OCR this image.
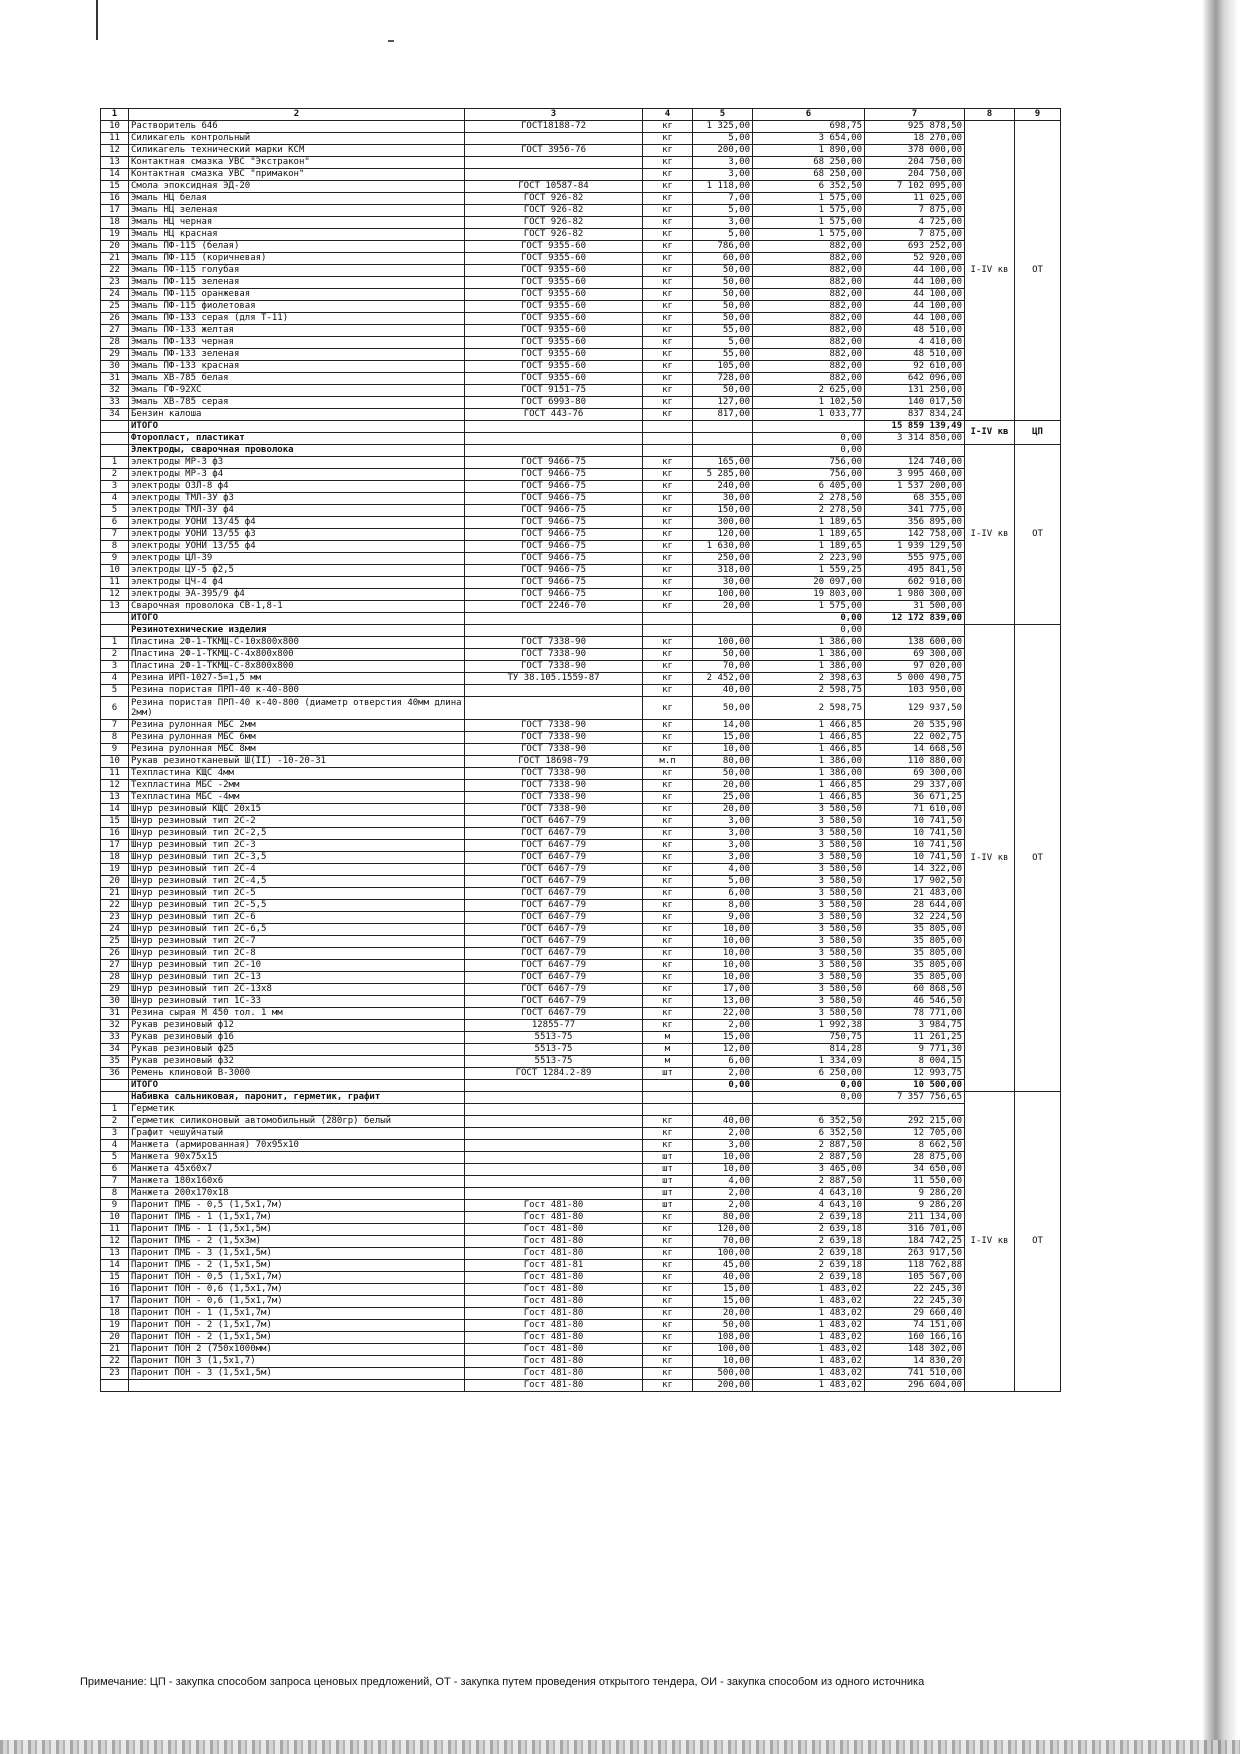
1	2	3	4	5	6	7	8	9
10	Растворитель 646	ГОСТ18188-72	кг	1 325,00	698,75	925 878,50	I-IV кв	ОТ
11	Силикагель контрольный		кг	5,00	3 654,00	18 270,00		
12	Силикагель технический марки КСМ	ГОСТ 3956-76	кг	200,00	1 890,00	378 000,00		
13	Контактная смазка УВС "Экстракон"		кг	3,00	68 250,00	204 750,00		
14	Контактная смазка УВС "примакон"		кг	3,00	68 250,00	204 750,00		
15	Смола эпоксидная ЭД-20	ГОСТ 10587-84	кг	1 118,00	6 352,50	7 102 095,00		
16	Эмаль НЦ белая	ГОСТ 926-82	кг	7,00	1 575,00	11 025,00		
17	Эмаль НЦ зеленая	ГОСТ 926-82	кг	5,00	1 575,00	7 875,00		
18	Эмаль НЦ черная	ГОСТ 926-82	кг	3,00	1 575,00	4 725,00		
19	Эмаль НЦ красная	ГОСТ 926-82	кг	5,00	1 575,00	7 875,00		
20	Эмаль ПФ-115 (белая)	ГОСТ 9355-60	кг	786,00	882,00	693 252,00		
21	Эмаль ПФ-115 (коричневая)	ГОСТ 9355-60	кг	60,00	882,00	52 920,00		
22	Эмаль ПФ-115 голубая	ГОСТ 9355-60	кг	50,00	882,00	44 100,00		
23	Эмаль ПФ-115 зеленая	ГОСТ 9355-60	кг	50,00	882,00	44 100,00		
24	Эмаль ПФ-115 оранжевая	ГОСТ 9355-60	кг	50,00	882,00	44 100,00		
25	Эмаль ПФ-115 фиолетовая	ГОСТ 9355-60	кг	50,00	882,00	44 100,00		
26	Эмаль ПФ-133 серая (для Т-11)	ГОСТ 9355-60	кг	50,00	882,00	44 100,00		
27	Эмаль ПФ-133 желтая	ГОСТ 9355-60	кг	55,00	882,00	48 510,00		
28	Эмаль ПФ-133 черная	ГОСТ 9355-60	кг	5,00	882,00	4 410,00		
29	Эмаль ПФ-133 зеленая	ГОСТ 9355-60	кг	55,00	882,00	48 510,00		
30	Эмаль ПФ-133 красная	ГОСТ 9355-60	кг	105,00	882,00	92 610,00		
31	Эмаль ХВ-785 белая	ГОСТ 9355-60	кг	728,00	882,00	642 096,00		
32	Эмаль ГФ-92ХС	ГОСТ 9151-75	кг	50,00	2 625,00	131 250,00		
33	Эмаль ХВ-785 серая	ГОСТ 6993-80	кг	127,00	1 102,50	140 017,50		
34	Бензин калоша	ГОСТ 443-76	кг	817,00	1 033,77	837 834,24		
	ИТОГО					15 859 139,49	I-IV кв	ЦП
	Фторопласт, пластикат				0,00	3 314 850,00		
	Электроды, сварочная проволока				0,00		I-IV кв	ОТ
1	электроды МР-3 ф3	ГОСТ 9466-75	кг	165,00	756,00	124 740,00		
2	электроды МР-3 ф4	ГОСТ 9466-75	кг	5 285,00	756,00	3 995 460,00		
3	электроды ОЗЛ-8 ф4	ГОСТ 9466-75	кг	240,00	6 405,00	1 537 200,00		
4	электроды ТМЛ-3У ф3	ГОСТ 9466-75	кг	30,00	2 278,50	68 355,00		
5	электроды ТМЛ-3У ф4	ГОСТ 9466-75	кг	150,00	2 278,50	341 775,00		
6	электроды УОНИ 13/45 ф4	ГОСТ 9466-75	кг	300,00	1 189,65	356 895,00		
7	электроды УОНИ 13/55 ф3	ГОСТ 9466-75	кг	120,00	1 189,65	142 758,00		
8	электроды УОНИ 13/55 ф4	ГОСТ 9466-75	кг	1 630,00	1 189,65	1 939 129,50		
9	электроды ЦЛ-39	ГОСТ 9466-75	кг	250,00	2 223,90	555 975,00		
10	электроды ЦУ-5 ф2,5	ГОСТ 9466-75	кг	318,00	1 559,25	495 841,50		
11	электроды ЦЧ-4 ф4	ГОСТ 9466-75	кг	30,00	20 097,00	602 910,00		
12	электроды ЭА-395/9 ф4	ГОСТ 9466-75	кг	100,00	19 803,00	1 980 300,00		
13	Сварочная проволока СВ-1,8-1	ГОСТ 2246-70	кг	20,00	1 575,00	31 500,00		
	ИТОГО				0,00	12 172 839,00		
	Резинотехнические изделия				0,00		I-IV кв	ОТ
1	Пластина 2Ф-1-ТКМЩ-С-10х800х800	ГОСТ 7338-90	кг	100,00	1 386,00	138 600,00		
2	Пластина 2Ф-1-ТКМЩ-С-4х800х800	ГОСТ 7338-90	кг	50,00	1 386,00	69 300,00		
3	Пластина 2Ф-1-ТКМЩ-С-8х800х800	ГОСТ 7338-90	кг	70,00	1 386,00	97 020,00		
4	Резина ИРП-1027-5=1,5 мм	ТУ 38.105.1559-87	кг	2 452,00	2 398,63	5 000 490,75		
5	Резина пористая ПРП-40 к-40-800		кг	40,00	2 598,75	103 950,00		
6	Резина пористая ПРП-40 к-40-800 (диаметр отверстия 40мм длина 2мм)		кг	50,00	2 598,75	129 937,50		
7	Резина рулонная МБС 2мм	ГОСТ 7338-90	кг	14,00	1 466,85	20 535,90		
8	Резина рулонная МБС 6мм	ГОСТ 7338-90	кг	15,00	1 466,85	22 002,75		
9	Резина рулонная МБС 8мм	ГОСТ 7338-90	кг	10,00	1 466,85	14 668,50		
10	Рукав резинотканевый Ш(II) -10-20-31	ГОСТ 18698-79	м.п	80,00	1 386,00	110 880,00		
11	Техпластина КЩС 4мм	ГОСТ 7338-90	кг	50,00	1 386,00	69 300,00		
12	Техпластина МБС -2мм	ГОСТ 7338-90	кг	20,00	1 466,85	29 337,00		
13	Техпластина МБС -4мм	ГОСТ 7338-90	кг	25,00	1 466,85	36 671,25		
14	Шнур резиновый КЩС 20х15	ГОСТ 7338-90	кг	20,00	3 580,50	71 610,00		
15	Шнур резиновый тип 2С-2	ГОСТ 6467-79	кг	3,00	3 580,50	10 741,50		
16	Шнур резиновый тип 2С-2,5	ГОСТ 6467-79	кг	3,00	3 580,50	10 741,50		
17	Шнур резиновый тип 2С-3	ГОСТ 6467-79	кг	3,00	3 580,50	10 741,50		
18	Шнур резиновый тип 2С-3,5	ГОСТ 6467-79	кг	3,00	3 580,50	10 741,50		
19	Шнур резиновый тип 2С-4	ГОСТ 6467-79	кг	4,00	3 580,50	14 322,00		
20	Шнур резиновый тип 2С-4,5	ГОСТ 6467-79	кг	5,00	3 580,50	17 902,50		
21	Шнур резиновый тип 2С-5	ГОСТ 6467-79	кг	6,00	3 580,50	21 483,00		
22	Шнур резиновый тип 2С-5,5	ГОСТ 6467-79	кг	8,00	3 580,50	28 644,00		
23	Шнур резиновый тип 2С-6	ГОСТ 6467-79	кг	9,00	3 580,50	32 224,50		
24	Шнур резиновый тип 2С-6,5	ГОСТ 6467-79	кг	10,00	3 580,50	35 805,00		
25	Шнур резиновый тип 2С-7	ГОСТ 6467-79	кг	10,00	3 580,50	35 805,00		
26	Шнур резиновый тип 2С-8	ГОСТ 6467-79	кг	10,00	3 580,50	35 805,00		
27	Шнур резиновый тип 2С-10	ГОСТ 6467-79	кг	10,00	3 580,50	35 805,00		
28	Шнур резиновый тип 2С-13	ГОСТ 6467-79	кг	10,00	3 580,50	35 805,00		
29	Шнур резиновый тип 2С-13х8	ГОСТ 6467-79	кг	17,00	3 580,50	60 868,50		
30	Шнур резиновый тип 1С-33	ГОСТ 6467-79	кг	13,00	3 580,50	46 546,50		
31	Резина сырая М 450 тол. 1 мм	ГОСТ 6467-79	кг	22,00	3 580,50	78 771,00		
32	Рукав резиновый ф12	12855-77	кг	2,00	1 992,38	3 984,75		
33	Рукав резиновый ф16	5513-75	м	15,00	750,75	11 261,25		
34	Рукав резиновый ф25	5513-75	м	12,00	814,28	9 771,30		
35	Рукав резиновый ф32	5513-75	м	6,00	1 334,09	8 004,15		
36	Ремень клиновой В-3000	ГОСТ 1284.2-89	шт	2,00	6 250,00	12 993,75		
	ИТОГО			0,00	0,00	10 500,00		
	Набивка сальниковая, паронит, герметик, графит				0,00	7 357 756,65	I-IV кв	ОТ
1	Герметик							
2	Герметик силиконовый автомобильный (280гр) белый		кг	40,00	6 352,50	292 215,00		
3	Графит чешуйчатый		кг	2,00	6 352,50	12 705,00		
4	Манжета (армированная) 70х95х10		кг	3,00	2 887,50	8 662,50		
5	Манжета 90х75х15		шт	10,00	2 887,50	28 875,00		
6	Манжета 45х60х7		шт	10,00	3 465,00	34 650,00		
7	Манжета 180х160х6		шт	4,00	2 887,50	11 550,00		
8	Манжета 200х170х18		шт	2,00	4 643,10	9 286,20		
9	Паронит ПМБ - 0,5 (1,5х1,7м)	Гост 481-80	шт	2,00	4 643,10	9 286,20		
10	Паронит ПМБ - 1 (1,5х1,7м)	Гост 481-80	кг	80,00	2 639,18	211 134,00		
11	Паронит ПМБ - 1 (1,5х1,5м)	Гост 481-80	кг	120,00	2 639,18	316 701,00		
12	Паронит ПМБ - 2 (1,5х3м)	Гост 481-80	кг	70,00	2 639,18	184 742,25		
13	Паронит ПМБ - 3 (1,5х1,5м)	Гост 481-80	кг	100,00	2 639,18	263 917,50		
14	Паронит ПМБ - 2 (1,5х1,5м)	Гост 481-81	кг	45,00	2 639,18	118 762,88		
15	Паронит ПОН - 0,5 (1,5х1,7м)	Гост 481-80	кг	40,00	2 639,18	105 567,00		
16	Паронит ПОН - 0,6 (1,5х1,7м)	Гост 481-80	кг	15,00	1 483,02	22 245,30		
17	Паронит ПОН - 0,6 (1,5х1,7м)	Гост 481-80	кг	15,00	1 483,02	22 245,30		
18	Паронит ПОН - 1 (1,5х1,7м)	Гост 481-80	кг	20,00	1 483,02	29 660,40		
19	Паронит ПОН - 2 (1,5х1,7м)	Гост 481-80	кг	50,00	1 483,02	74 151,00		
20	Паронит ПОН - 2 (1,5х1,5м)	Гост 481-80	кг	108,00	1 483,02	160 166,16		
21	Паронит ПОН 2 (750х1000мм)	Гост 481-80	кг	100,00	1 483,02	148 302,00		
22	Паронит ПОН 3 (1,5х1,7)	Гост 481-80	кг	10,00	1 483,02	14 830,20		
23	Паронит ПОН - 3 (1,5х1,5м)	Гост 481-80	кг	500,00	1 483,02	741 510,00		
		Гост 481-80	кг	200,00	1 483,02	296 604,00		
Примечание: ЦП - закупка способом запроса ценовых предложений, ОТ - закупка путем проведения открытого тендера, ОИ - закупка способом из одного источника
